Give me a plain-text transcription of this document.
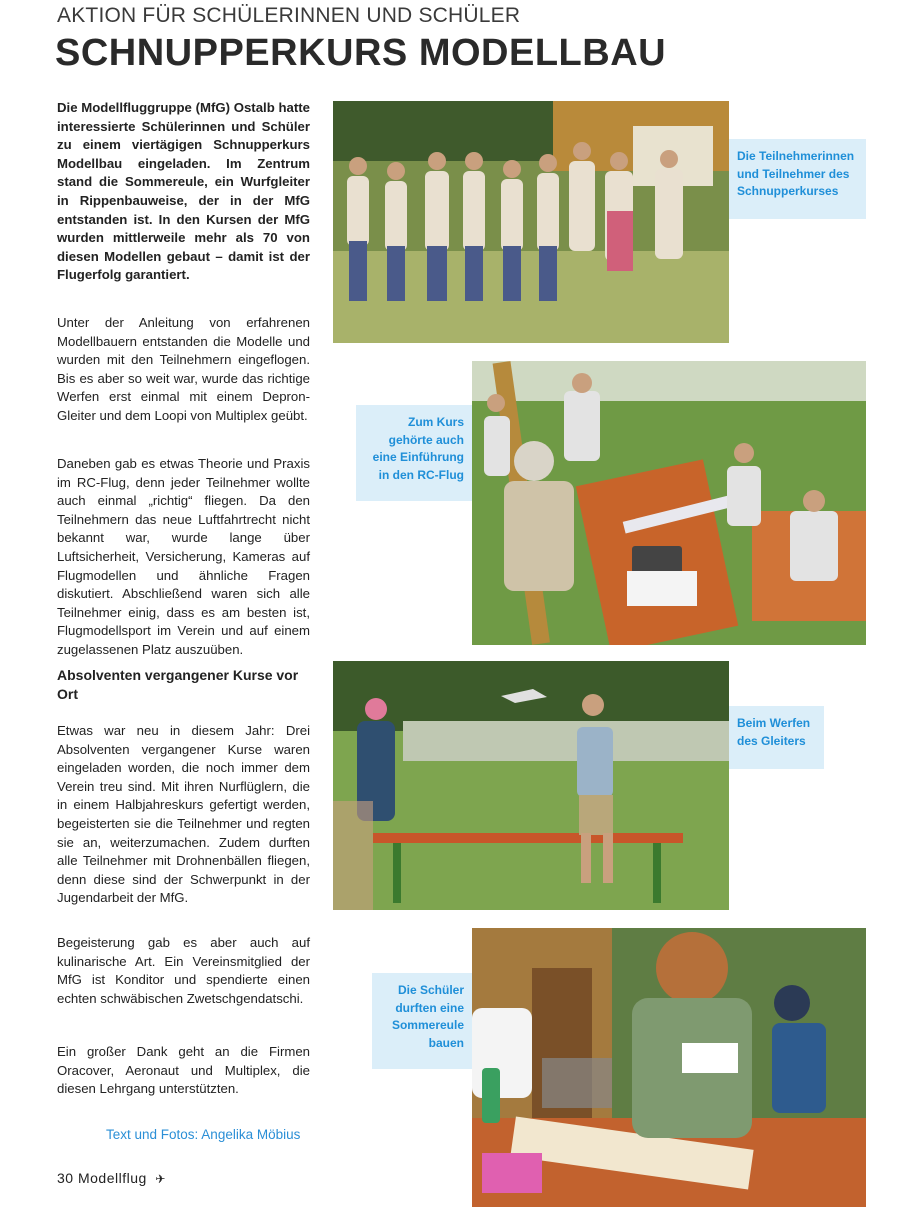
AKTION FÜR SCHÜLERINNEN UND SCHÜLER
SCHNUPPERKURS MODELLBAU

Die Modellfluggruppe (MfG) Ostalb hatte interessierte Schülerinnen und Schüler zu einem viertägigen Schnupperkurs Modellbau eingeladen. Im Zentrum stand die Sommereule, ein Wurfgleiter in Rippenbauweise, der in der MfG entstanden ist. In den Kursen der MfG wurden mittlerweile mehr als 70 von diesen Modellen gebaut – damit ist der Flugerfolg garantiert.

Unter der Anleitung von erfahrenen Modellbauern entstanden die Modelle und wurden mit den Teilnehmern eingeflogen. Bis es aber so weit war, wurde das richtige Werfen erst einmal mit einem Depron-Gleiter und dem Loopi von Multiplex geübt.

Daneben gab es etwas Theorie und Praxis im RC-Flug, denn jeder Teilnehmer wollte auch einmal „richtig“ fliegen. Da den Teilnehmern das neue Luftfahrtrecht nicht bekannt war, wurde lange über Luftsicherheit, Versicherung, Kameras auf Flugmodellen und ähnliche Fragen diskutiert. Abschließend waren sich alle Teilnehmer einig, dass es am besten ist, Flugmodellsport im Verein und auf einem zugelassenen Platz auszuüben.

Absolventen vergangener Kurse vor Ort

Etwas war neu in diesem Jahr: Drei Absolventen vergangener Kurse waren eingeladen worden, die noch immer dem Verein treu sind. Mit ihren Nurflüglern, die in einem Halbjahreskurs gefertigt werden, begeisterten sie die Teilnehmer und regten sie an, weiterzumachen. Zudem durften alle Teilnehmer mit Drohnenbällen fliegen, denn diese sind der Schwerpunkt in der Jugendarbeit der MfG.

Begeisterung gab es aber auch auf kulinarische Art. Ein Vereinsmitglied der MfG ist Konditor und spendierte einen echten schwäbischen Zwetschgendatschi.

Ein großer Dank geht an die Firmen Oracover, Aeronaut und Multiplex, die diesen Lehrgang unterstützten.

Text und Fotos: Angelika Möbius
30 Modellflug ✈
Die Teilnehmerinnen
und Teilnehmer des
Schnupperkurses
Zum Kurs
gehörte auch
eine Einführung
in den RC-Flug
Beim Werfen
des Gleiters
Die Schüler
durften eine
Sommereule
bauen
